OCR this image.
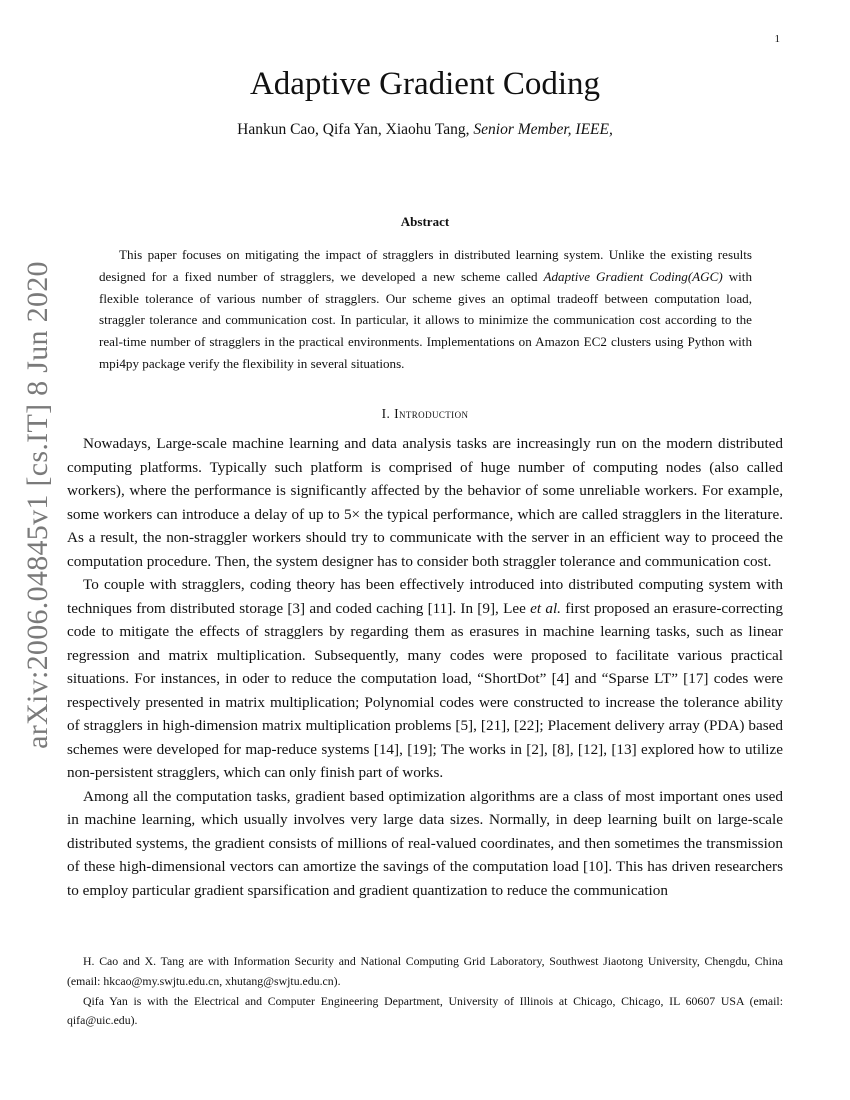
1
arXiv:2006.04845v1 [cs.IT] 8 Jun 2020
Adaptive Gradient Coding
Hankun Cao, Qifa Yan, Xiaohu Tang, Senior Member, IEEE,
Abstract

This paper focuses on mitigating the impact of stragglers in distributed learning system. Unlike the existing results designed for a fixed number of stragglers, we developed a new scheme called Adaptive Gradient Coding(AGC) with flexible tolerance of various number of stragglers. Our scheme gives an optimal tradeoff between computation load, straggler tolerance and communication cost. In particular, it allows to minimize the communication cost according to the real-time number of stragglers in the practical environments. Implementations on Amazon EC2 clusters using Python with mpi4py package verify the flexibility in several situations.

I. Introduction

Nowadays, Large-scale machine learning and data analysis tasks are increasingly run on the modern distributed computing platforms. Typically such platform is comprised of huge number of computing nodes (also called workers), where the performance is significantly affected by the behavior of some unreliable workers. For example, some workers can introduce a delay of up to 5× the typical performance, which are called stragglers in the literature. As a result, the non-straggler workers should try to communicate with the server in an efficient way to proceed the computation procedure. Then, the system designer has to consider both straggler tolerance and communication cost.

To couple with stragglers, coding theory has been effectively introduced into distributed computing system with techniques from distributed storage [3] and coded caching [11]. In [9], Lee et al. first proposed an erasure-correcting code to mitigate the effects of stragglers by regarding them as erasures in machine learning tasks, such as linear regression and matrix multiplication. Subsequently, many codes were proposed to facilitate various practical situations. For instances, in oder to reduce the computation load, “ShortDot” [4] and “Sparse LT” [17] codes were respectively presented in matrix multiplication; Polynomial codes were constructed to increase the tolerance ability of stragglers in high-dimension matrix multiplication problems [5], [21], [22]; Placement delivery array (PDA) based schemes were developed for map-reduce systems [14], [19]; The works in [2], [8], [12], [13] explored how to utilize non-persistent stragglers, which can only finish part of works.

Among all the computation tasks, gradient based optimization algorithms are a class of most important ones used in machine learning, which usually involves very large data sizes. Normally, in deep learning built on large-scale distributed systems, the gradient consists of millions of real-valued coordinates, and then sometimes the transmission of these high-dimensional vectors can amortize the savings of the computation load [10]. This has driven researchers to employ particular gradient sparsification and gradient quantization to reduce the communication

H. Cao and X. Tang are with Information Security and National Computing Grid Laboratory, Southwest Jiaotong University, Chengdu, China (email: hkcao@my.swjtu.edu.cn, xhutang@swjtu.edu.cn).

Qifa Yan is with the Electrical and Computer Engineering Department, University of Illinois at Chicago, Chicago, IL 60607 USA (email: qifa@uic.edu).
